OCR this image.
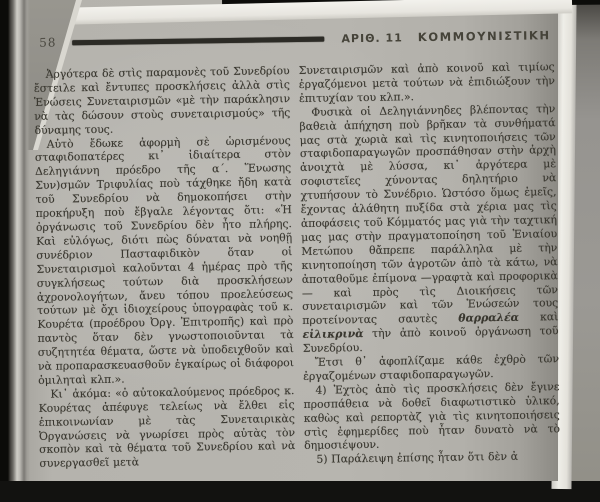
58	ΑΡΙΘ. 11 ΚΟΜΜΟΥΝΙΣΤΙΚΗ

Ἀργότερα δὲ στὶς παραμονὲς τοῦ Συνεδρίου ἔστειλε καὶ ἔντυπες προσκλήσεις ἀλλὰ στὶς Ἑνώσεις Συνεταιρισμῶν «μὲ τὴν παράκλησιν νὰ τὰς δώσουν στοὺς συνεταιρισμούς» τῆς δύναμης τους.

Αὐτὸ ἔδωκε ἀφορμὴ σὲ ὡρισμένους σταφιδοπατέρες κι᾽ ἰδιαίτερα στὸν Δεληγιάννη πρόεδρο τῆς α΄. Ἕνωσης Συν)σμῶν Τριφυλίας ποὺ τάχθηκε ἤδη κατὰ τοῦ Συνεδρίου νὰ δημοκοπήσει στὴν προκήρυξη ποὺ ἔβγαλε λέγοντας ὅτι: «Ἡ ὀργάνωσις τοῦ Συνεδρίου δὲν ἦτο πλήρης. Καὶ εὐλόγως, διότι πὼς δύναται νὰ νοηθῇ συνέδριον Πασταφιδικὸν ὅταν οἱ Συνεταιρισμοὶ καλοῦνται 4 ἡμέρας πρὸ τῆς συγκλήσεως τούτων διὰ προσκλήσεων ἀχρονολογήτων, ἄνευ τόπου προελεύσεως τούτων μὲ ὄχι ἰδιοχείρους ὑπογραφὰς τοῦ κ. Κουρέτα (προέδρου Ὀργ. Ἐπιτροπῆς) καὶ πρὸ παντὸς ὅταν δὲν γνωστοποιοῦνται τὰ συζητητέα θέματα, ὥστε νὰ ὑποδειχθοῦν καὶ νὰ προπαρασκευασθοῦν ἐγκαίρως οἱ διάφοροι ὁμιληταὶ κλπ.».

Κι᾽ ἀκόμα: «ὁ αὐτοκαλούμενος πρόεδρος κ. Κουρέτας ἀπέφυγε τελείως νὰ ἔλθει εἰς ἐπικοινωνίαν μὲ τὰς Συνεταιρικὰς Ὀργανώσεις νὰ γνωρίσει πρὸς αὐτὰς τὸν σκοπὸν καὶ τὰ θέματα τοῦ Συνεδρίου καὶ νὰ συνεργασθεῖ μετὰ

Συνεταιρισμῶν καὶ ἀπὸ κοινοῦ καὶ τιμίως ἐργαζόμενοι μετὰ τούτων νὰ ἐπιδιώξουν τὴν ἐπιτυχίαν του κλπ.».

Φυσικὰ οἱ Δεληγιάννηδες βλέποντας τὴν βαθειὰ ἀπήχηση ποὺ βρῆκαν τὰ συνθήματά μας στὰ χωριὰ καὶ τὶς κινητοποιήσεις τῶν σταφιδοπαραγωγῶν προσπάθησαν στὴν ἀρχὴ ἀνοιχτὰ μὲ λύσσα, κι᾽ ἀργότερα μὲ σοφιστεῖες χύνοντας δηλητήριο νὰ χτυπήσουν τὸ Συνέδριο. Ὡστόσο ὅμως ἐμεῖς, ἔχοντας ἀλάθητη πυξίδα στὰ χέρια μας τὶς ἀποφάσεις τοῦ Κόμματός μας γιὰ τὴν ταχτική μας μας στὴν πραγματοποίηση τοῦ Ἑνιαίου Μετώπου θἄπρεπε παράλληλα μὲ τὴν κινητοποίηση τῶν ἀγροτῶν ἀπὸ τὰ κάτω, νὰ ἀποταθοῦμε ἐπίμονα —γραφτὰ καὶ προφορικὰ— καὶ πρὸς τὶς Διοικήσεις τῶν συνεταιρισμῶν καὶ τῶν Ἑνώσεών τους προτείνοντας σαυτὲς θαρραλέα καὶ εἰλικρινὰ τὴν ἀπὸ κοινοῦ ὀργάνωση τοῦ Συνεδρίου.

Ἔτσι θ᾽ ἀφοπλίζαμε κάθε ἐχθρὸ τῶν ἐργαζομένων σταφιδοπαραγωγῶν.

4) Ἐχτὸς ἀπὸ τὶς προσκλήσεις δὲν ἔγινε προσπάθεια νὰ δοθεῖ διαφωτιστικὸ ὑλικό, καθὼς καὶ ρεπορτὰζ γιὰ τὶς κινητοποιήσεις στὶς ἐφημερίδες ποὺ ἦταν δυνατὸ νὰ τὸ δημοσιέψουν.

5) Παράλειψη ἐπίσης ἦταν ὅτι δὲν ἀ
